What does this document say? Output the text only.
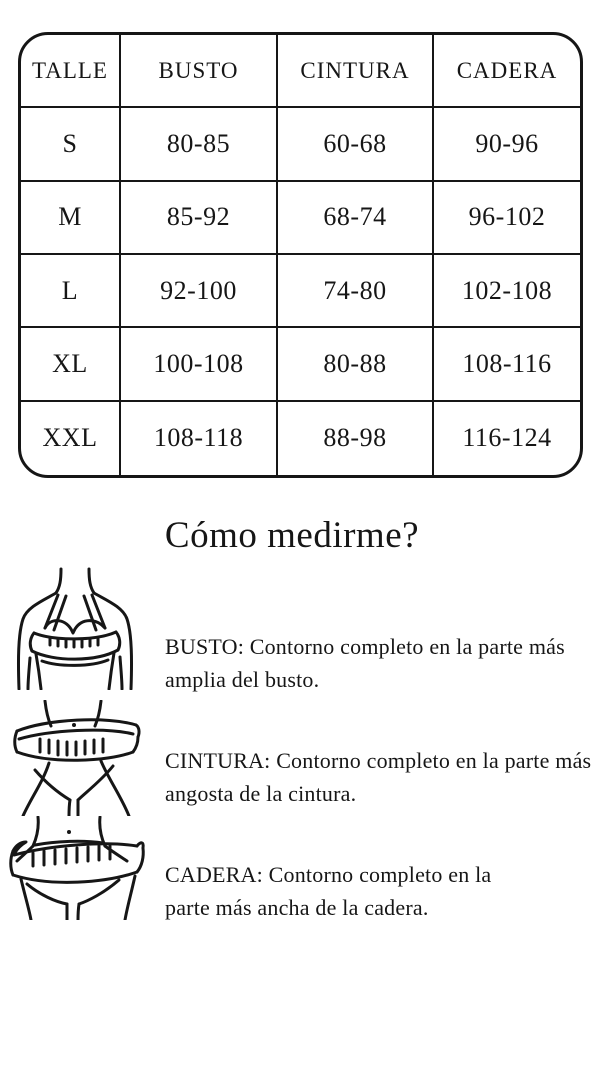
TALLE	BUSTO	CINTURA	CADERA
S	80-85	60-68	90-96
M	85-92	68-74	96-102
L	92-100	74-80	102-108
XL	100-108	80-88	108-116
XXL	108-118	88-98	116-124
Cómo medirme?

BUSTO: Contorno completo en la parte más amplia del busto.

CINTURA: Contorno completo en la parte más angosta de la cintura.

CADERA: Contorno completo en la parte más ancha de la cadera.
